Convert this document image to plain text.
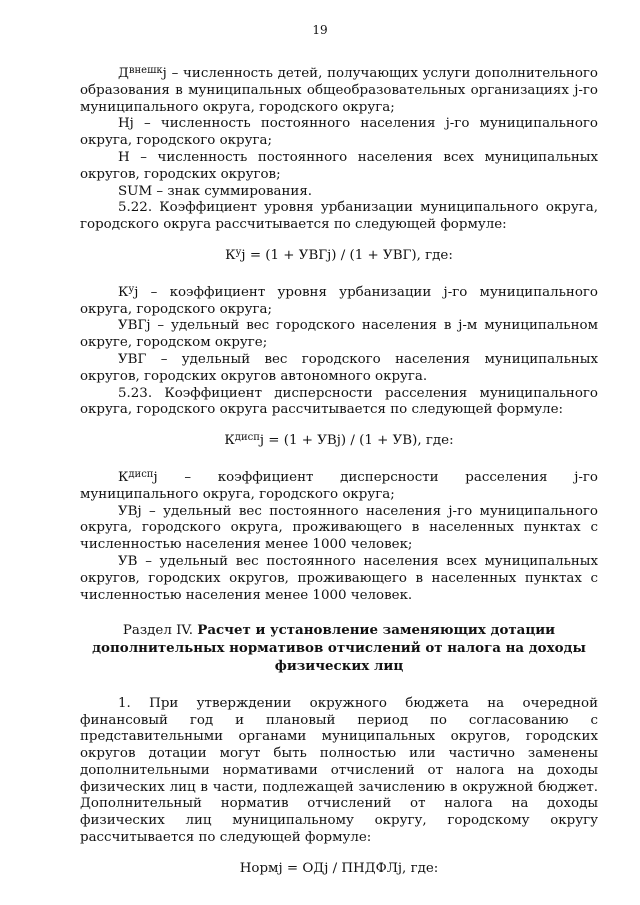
19

$Д^{внешк}j$ – численность детей, получающих услуги дополнительного образования в муниципальных общеобразовательных организациях j-го муниципального округа, городского округа;

Нj – численность постоянного населения j-го муниципального округа, городского округа;

Н – численность постоянного населения всех муниципальных округов, городских округов;

SUM – знак суммирования.

5.22. Коэффициент уровня урбанизации муниципального округа, городского округа рассчитывается по следующей формуле:

$К^уj = (1$ + УВГj) / (1 + УВГ), где:

$К^уj$ – коэффициент уровня урбанизации j-го муниципального округа, городского округа;

УВГj – удельный вес городского населения в j-м муниципальном округе, городском округе;

УВГ – удельный вес городского населения муниципальных округов, городских округов автономного округа.

5.23. Коэффициент дисперсности расселения муниципального округа, городского округа рассчитывается по следующей формуле:

$К^{дисп}j = (1 + УВj) / (1 + УВ)$, где:

$К^{дисп}j$ – коэффициент дисперсности расселения j-го муниципального округа, городского округа;

УВj – удельный вес постоянного населения j-го муниципального округа, городского округа, проживающего в населенных пунктах с численностью населения менее 1000 человек;

УВ – удельный вес постоянного населения всех муниципальных округов, городских округов, проживающего в населенных пунктах с численностью населения менее 1000 человек.

Раздел IV. Расчет и установление заменяющих дотации дополнительных нормативов отчислений от налога на доходы физических лиц

1. При утверждении окружного бюджета на очередной финансовый год и плановый период по согласованию с представительными органами муниципальных округов, городских округов дотации могут быть полностью или частично заменены дополнительными нормативами отчислений от налога на доходы физических лиц в части, подлежащей зачислению в окружной бюджет. Дополнительный норматив отчислений от налога на доходы физических лиц муниципальному округу, городскому округу рассчитывается по следующей формуле:

Нормj = ОДj / ПНДФЛj, где:
